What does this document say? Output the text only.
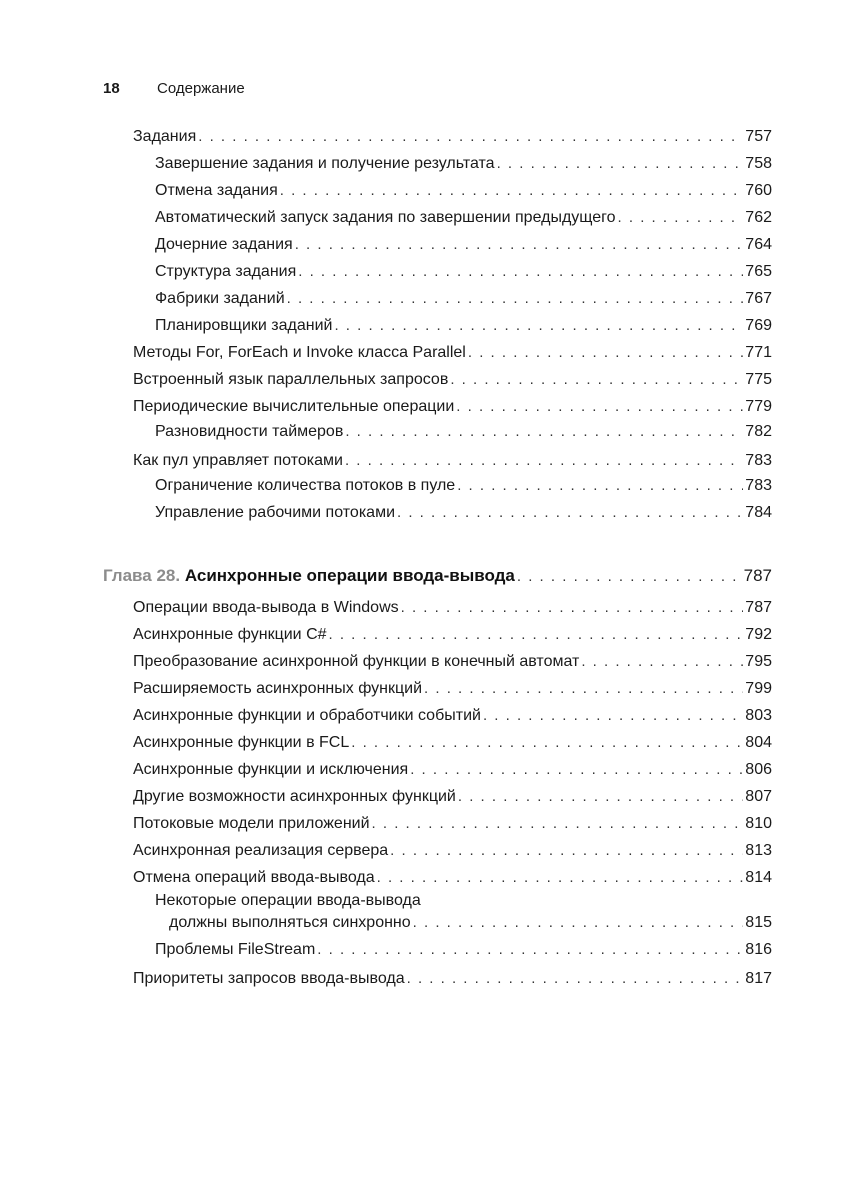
18	Содержание
Задания . . .	757
Завершение задания и получение результата . . .	758
Отмена задания . . .	760
Автоматический запуск задания по завершении предыдущего . . .	762
Дочерние задания . . .	764
Структура задания . . .	765
Фабрики заданий . . .	767
Планировщики заданий . . .	769
Методы For, ForEach и Invoke класса Parallel . . .	771
Встроенный язык параллельных запросов . . .	775
Периодические вычислительные операции . . .	779
Разновидности таймеров . . .	782
Как пул управляет потоками . . .	783
Ограничение количества потоков в пуле . . .	783
Управление рабочими потоками . . .	784
Глава 28. Асинхронные операции ввода-вывода . . .	787
Операции ввода-вывода в Windows . . .	787
Асинхронные функции C# . . .	792
Преобразование асинхронной функции в конечный автомат . . .	795
Расширяемость асинхронных функций . . .	799
Асинхронные функции и обработчики событий . . .	803
Асинхронные функции в FCL . . .	804
Асинхронные функции и исключения . . .	806
Другие возможности асинхронных функций . . .	807
Потоковые модели приложений . . .	810
Асинхронная реализация сервера . . .	813
Отмена операций ввода-вывода . . .	814
Некоторые операции ввода-вывода
должны выполняться синхронно . . .	815
Проблемы FileStream . . .	816
Приоритеты запросов ввода-вывода . . .	817
